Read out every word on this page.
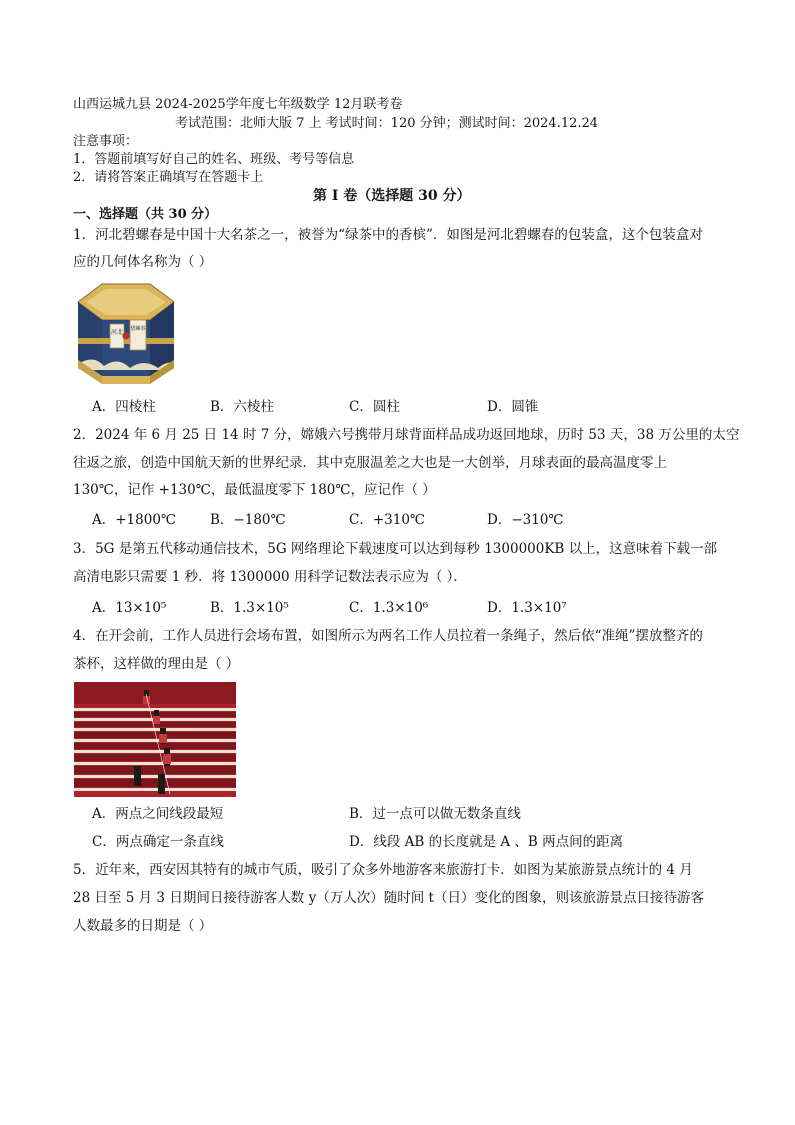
山西运城九县 2024-2025学年度七年级数学 12月联考卷
考试范围：北师大版 7 上 考试时间：120 分钟；测试时间：2024.12.24
注意事项：
1．答题前填写好自己的姓名、班级、考号等信息
2．请将答案正确填写在答题卡上
第 I 卷（选择题 30 分）
一、选择题（共 30 分）
1．河北碧螺春是中国十大名茶之一，被誉为“绿茶中的香槟”．如图是河北碧螺春的包装盒，这个包装盒对
应的几何体名称为（ ）
河北 碧螺春
A．四棱柱	B．六棱柱	C．圆柱	D．圆锥
2．2024 年 6 月 25 日 14 时 7 分，嫦娥六号携带月球背面样品成功返回地球，历时 53 天，38 万公里的太空
往返之旅，创造中国航天新的世界纪录．其中克服温差之大也是一大创举，月球表面的最高温度零上
130℃，记作 +130℃，最低温度零下 180℃，应记作（ ）
A．+1800℃	B．−180℃	C．+310℃	D．−310℃
3．5G 是第五代移动通信技术，5G 网络理论下载速度可以达到每秒 1300000KB 以上，这意味着下载一部
高清电影只需要 1 秒．将 1300000 用科学记数法表示应为（ ）．
A．13×10⁵	B．1.3×10⁵	C．1.3×10⁶	D．1.3×10⁷
4．在开会前，工作人员进行会场布置，如图所示为两名工作人员拉着一条绳子，然后依“准绳”摆放整齐的
茶杯，这样做的理由是（ ）
A．两点之间线段最短	B．过一点可以做无数条直线
C．两点确定一条直线	D．线段 AB 的长度就是 A 、B 两点间的距离
5．近年来，西安因其特有的城市气质，吸引了众多外地游客来旅游打卡．如图为某旅游景点统计的 4 月
28 日至 5 月 3 日期间日接待游客人数 y（万人次）随时间 t（日）变化的图象，则该旅游景点日接待游客
人数最多的日期是（ ）
